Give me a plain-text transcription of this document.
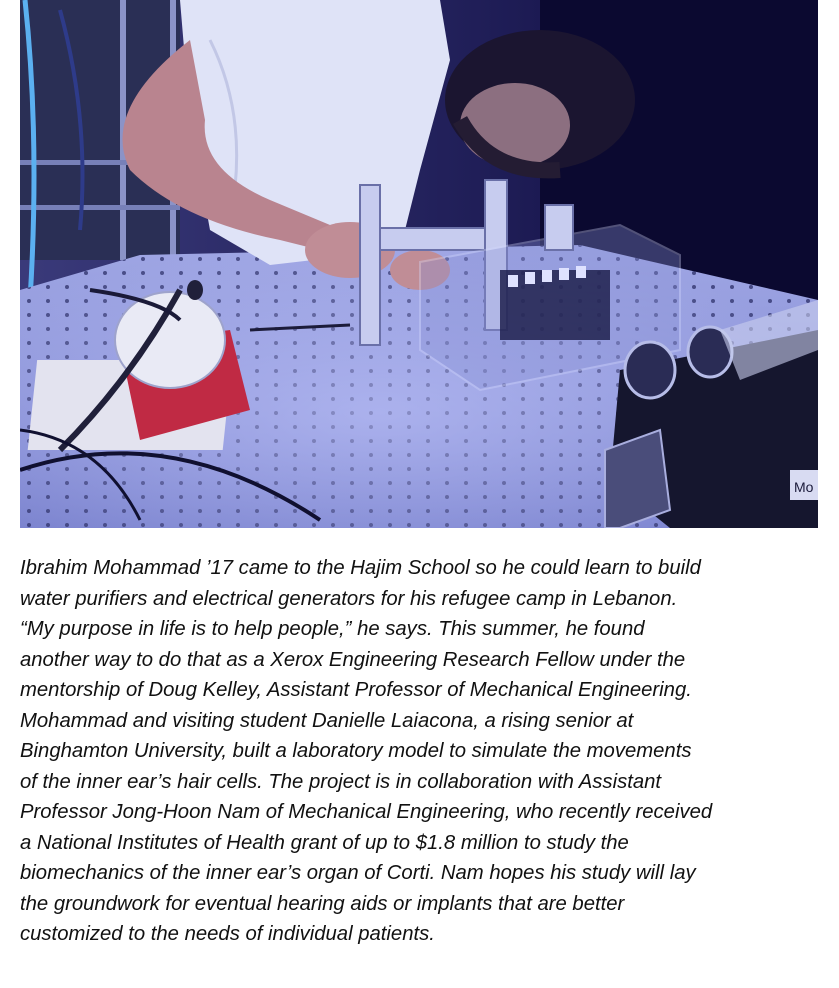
Mo

Ibrahim Mohammad ’17 came to the Hajim School so he could learn to build
water purifiers and electrical generators for his refugee camp in Lebanon.
“My purpose in life is to help people,” he says. This summer, he found
another way to do that as a Xerox Engineering Research Fellow under the
mentorship of Doug Kelley, Assistant Professor of Mechanical Engineering.
Mohammad and visiting student Danielle Laiacona, a rising senior at
Binghamton University, built a laboratory model to simulate the movements
of the inner ear’s hair cells. The project is in collaboration with Assistant
Professor Jong-Hoon Nam of Mechanical Engineering, who recently received
a National Institutes of Health grant of up to $1.8 million to study the
biomechanics of the inner ear’s organ of Corti. Nam hopes his study will lay
the groundwork for eventual hearing aids or implants that are better
customized to the needs of individual patients.
